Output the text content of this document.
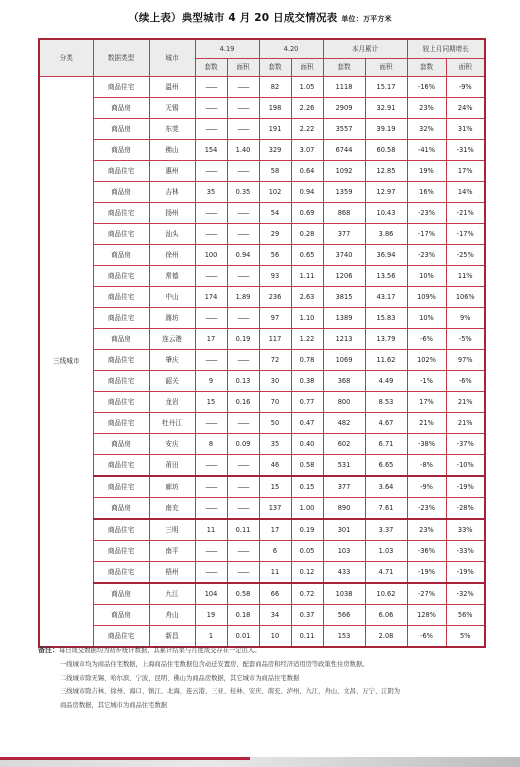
（续上表）典型城市 4 月 20 日成交情况表 单位：万平方米
分类	数据类型	城市	4.19		4.20		本月累计		较上月同期增长	
			套数	面积	套数	面积	套数	面积	套数	面积
三线城市	商品住宅	温州	——	——	82	1.05	1118	15.17	-16%	-9%
	商品房	无锡	——	——	198	2.26	2909	32.91	23%	24%
	商品房	东莞	——	——	191	2.22	3557	39.19	32%	31%
	商品房	佛山	154	1.40	329	3.07	6744	60.58	-41%	-31%
	商品住宅	惠州	——	——	58	0.64	1092	12.85	19%	17%
	商品房	吉林	35	0.35	102	0.94	1359	12.97	16%	14%
	商品住宅	扬州	——	——	54	0.69	868	10.43	-23%	-21%
	商品住宅	汕头	——	——	29	0.28	377	3.86	-17%	-17%
	商品房	徐州	100	0.94	56	0.65	3740	36.94	-23%	-25%
	商品住宅	常德	——	——	93	1.11	1206	13.56	10%	11%
	商品住宅	中山	174	1.89	236	2.63	3815	43.17	109%	106%
	商品住宅	潍坊	——	——	97	1.10	1389	15.83	10%	9%
	商品房	连云港	17	0.19	117	1.22	1213	13.79	-6%	-5%
	商品住宅	肇庆	——	——	72	0.78	1069	11.62	102%	97%
	商品住宅	韶关	9	0.13	30	0.38	368	4.49	-1%	-6%
	商品住宅	龙岩	15	0.16	70	0.77	800	8.53	17%	21%
	商品住宅	牡丹江	——	——	50	0.47	482	4.67	21%	21%
	商品房	安庆	8	0.09	35	0.40	602	6.71	-38%	-37%
	商品住宅	莆田	——	——	46	0.58	531	6.65	-8%	-10%
	商品住宅	廊坊	——	——	15	0.15	377	3.64	-9%	-19%
	商品房	南充	——	——	137	1.00	890	7.61	-23%	-28%
	商品住宅	三明	11	0.11	17	0.19	301	3.37	23%	33%
	商品住宅	南平	——	——	6	0.05	103	1.03	-36%	-33%
	商品住宅	梧州	——	——	11	0.12	433	4.71	-19%	-19%
	商品房	九江	104	0.58	66	0.72	1038	10.62	-27%	-32%
	商品房	舟山	19	0.18	34	0.37	566	6.06	128%	56%
	商品住宅	新昌	1	0.01	10	0.11	153	2.08	-6%	5%

备注：每日成交数据均为初步统计数据，其累计结果与月度成交存在一定出入。

一线城市均为商品住宅数据，上海商品住宅数据包含动迁安置房、配套商品房和经济适用房等政策性住房数据。

二线城市除无锡、哈尔滨、宁波、昆明、佛山为商品房数据，其它城市为商品住宅数据

三线城市除吉林、徐州、海口、镇江、北海、连云港、三亚、桂林、安庆、南充、泸州、九江、舟山、文昌、万宁、江阴为

商品房数据，其它城市为商品住宅数据
